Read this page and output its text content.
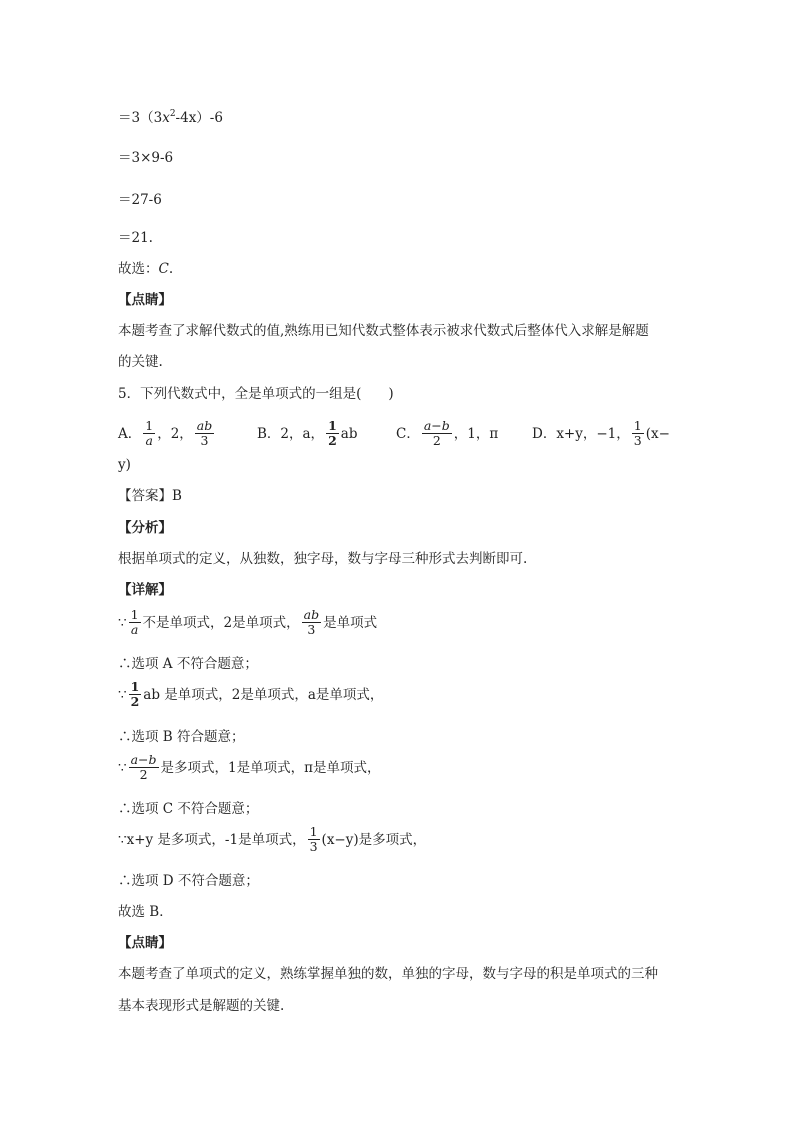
$=3(3x^2-4x)-6$
＝3×9-6
＝27-6
＝21.
故选：C.
【点睛】
本题考查了求解代数式的值,熟练用已知代数式整体表示被求代数式后整体代入求解是解题
的关键.
5．下列代数式中，全是单项式的一组是(　　)
A． $\frac{1}{a}$ ，2， $\frac{ab}{3}$	B．2，a， $\frac{1}{2}$ ab	C． $\frac{a-b}{2}$ ，1，π	D．x+y，−1， $\frac{1}{3} (x-$
y)
【答案】B
【分析】
根据单项式的定义，从独数，独字母，数与字母三种形式去判断即可.
【详解】
∵ $\frac{1}{a}$ 不是单项式，2是单项式， $\frac{ab}{3}$ 是单项式
∴选项 A 不符合题意；
∵ $\frac{1}{2}$ ab 是单项式，2是单项式，a是单项式，
∴选项 B 符合题意；
∵ $\frac{a-b}{2}$ 是多项式，1是单项式，π是单项式，
∴选项 C 不符合题意；
∵x+y 是多项式，-1是单项式， $\frac{1}{3} (x-y)$是多项式，
∴选项 D 不符合题意；
故选 B．
【点睛】
本题考查了单项式的定义，熟练掌握单独的数，单独的字母，数与字母的积是单项式的三种
基本表现形式是解题的关键.
